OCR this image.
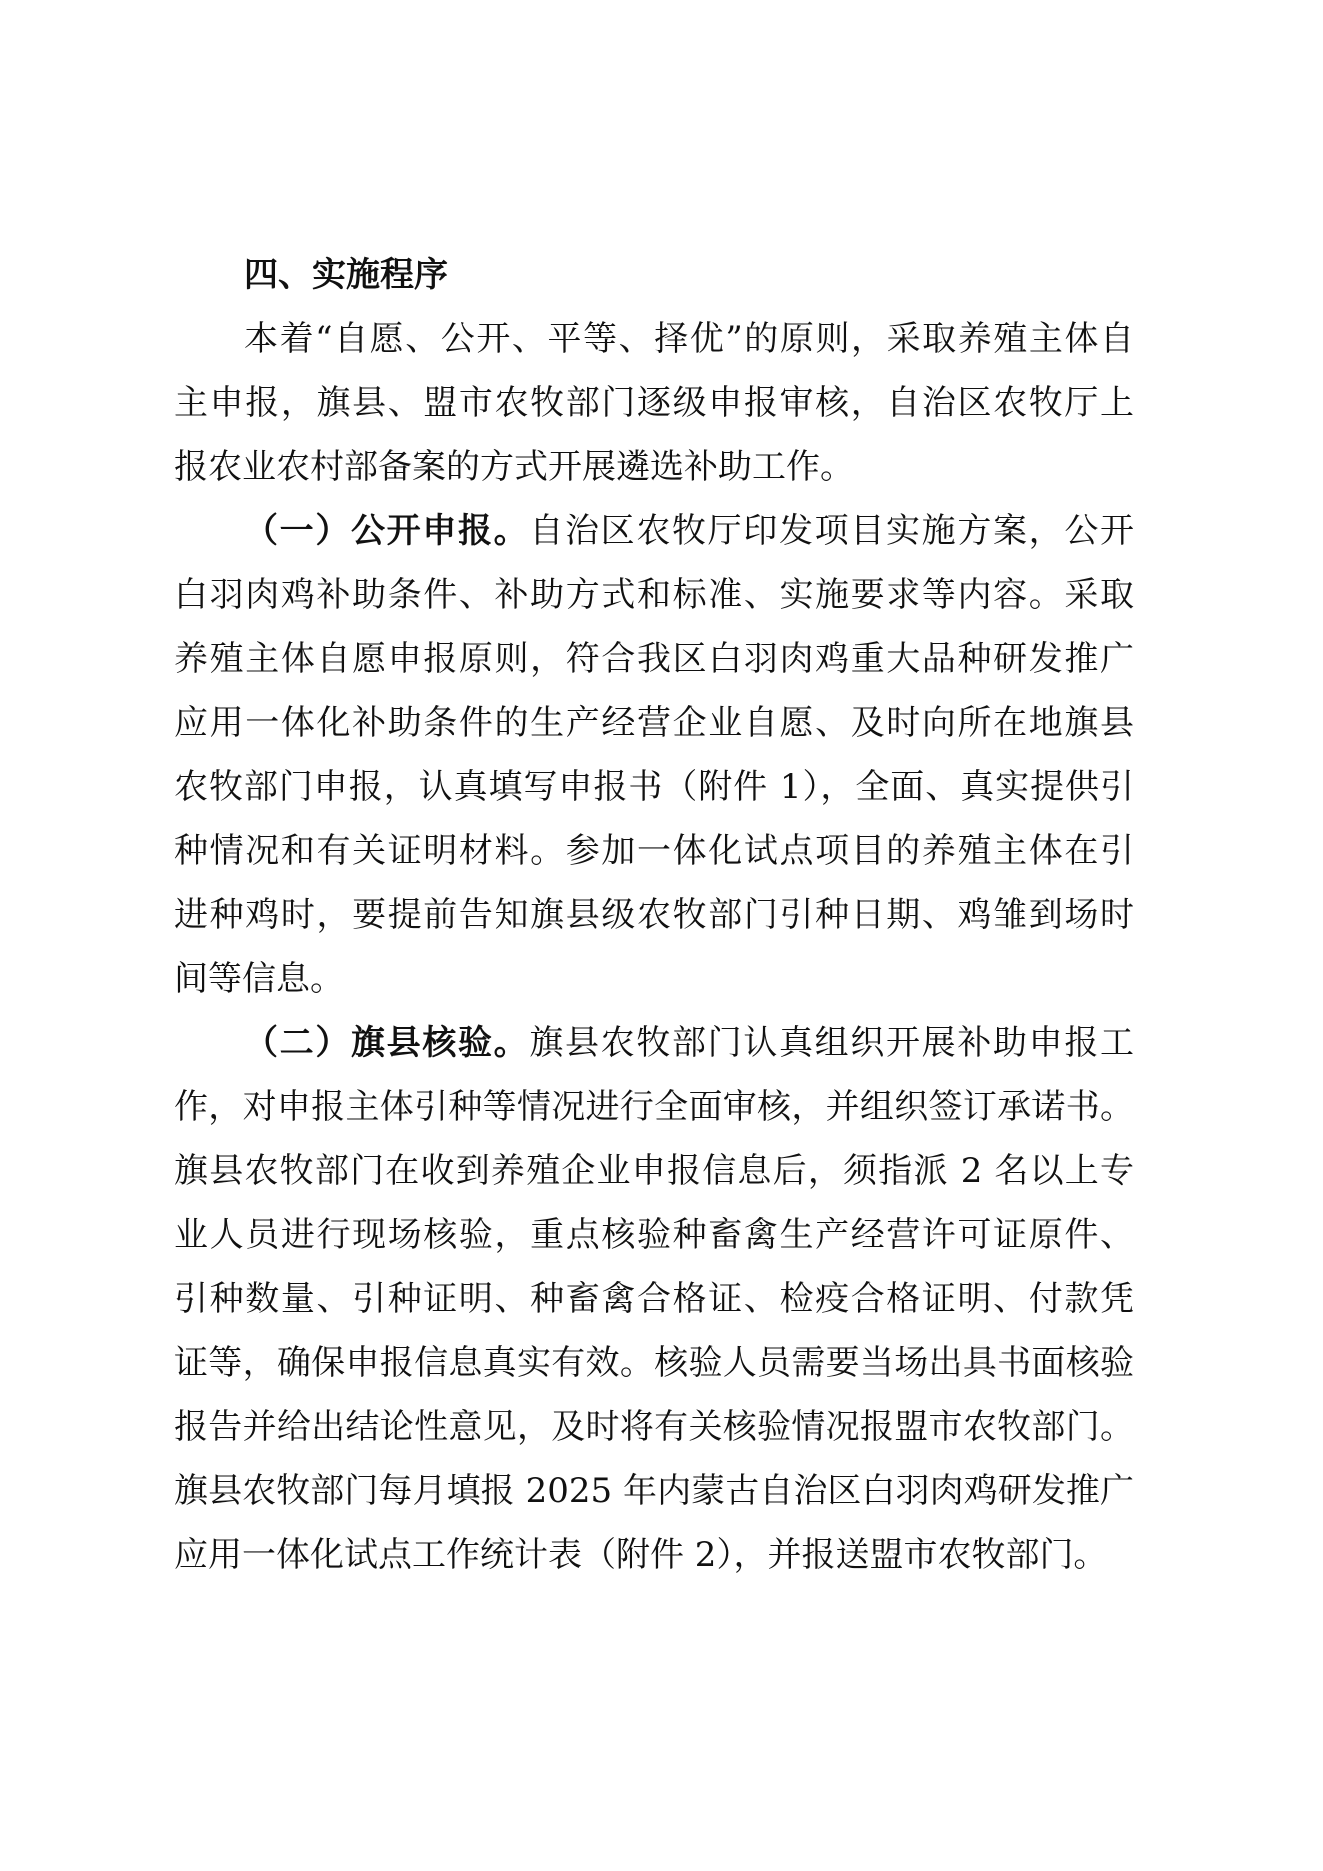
四、实施程序
本着“自愿、公开、平等、择优”的原则，采取养殖主体自
主申报，旗县、盟市农牧部门逐级申报审核，自治区农牧厅上
报农业农村部备案的方式开展遴选补助工作。
（一）公开申报。自治区农牧厅印发项目实施方案，公开
白羽肉鸡补助条件、补助方式和标准、实施要求等内容。采取
养殖主体自愿申报原则，符合我区白羽肉鸡重大品种研发推广
应用一体化补助条件的生产经营企业自愿、及时向所在地旗县
农牧部门申报，认真填写申报书（附件 1），全面、真实提供引
种情况和有关证明材料。参加一体化试点项目的养殖主体在引
进种鸡时，要提前告知旗县级农牧部门引种日期、鸡雏到场时
间等信息。
（二）旗县核验。旗县农牧部门认真组织开展补助申报工
作，对申报主体引种等情况进行全面审核，并组织签订承诺书。
旗县农牧部门在收到养殖企业申报信息后，须指派 2 名以上专
业人员进行现场核验，重点核验种畜禽生产经营许可证原件、
引种数量、引种证明、种畜禽合格证、检疫合格证明、付款凭
证等，确保申报信息真实有效。核验人员需要当场出具书面核验
报告并给出结论性意见，及时将有关核验情况报盟市农牧部门。
旗县农牧部门每月填报 2025 年内蒙古自治区白羽肉鸡研发推广
应用一体化试点工作统计表（附件 2），并报送盟市农牧部门。
